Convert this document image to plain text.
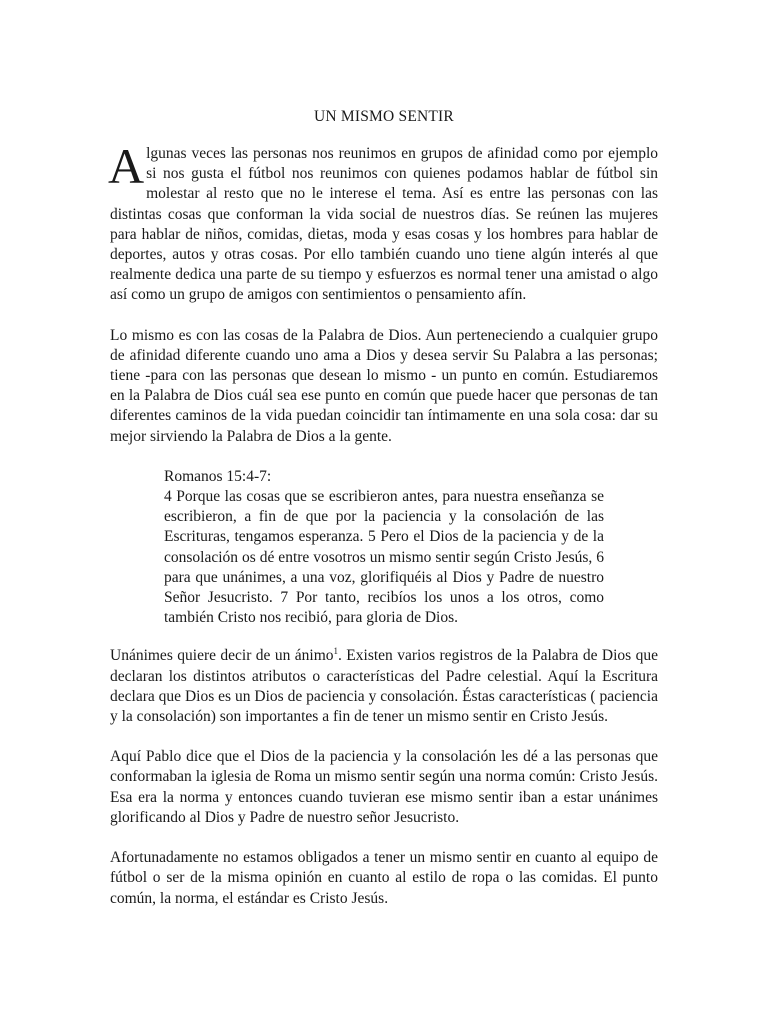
UN MISMO SENTIR

Algunas veces las personas nos reunimos en grupos de afinidad como por ejemplo si nos gusta el fútbol nos reunimos con quienes podamos hablar de fútbol sin molestar al resto que no le interese el tema. Así es entre las personas con las distintas cosas que conforman la vida social de nuestros días. Se reúnen las mujeres para hablar de niños, comidas, dietas, moda y esas cosas y los hombres para hablar de deportes, autos y otras cosas. Por ello también cuando uno tiene algún interés al que realmente dedica una parte de su tiempo y esfuerzos es normal tener una amistad o algo así como un grupo de amigos con sentimientos o pensamiento afín.

Lo mismo es con las cosas de la Palabra de Dios. Aun perteneciendo a cualquier grupo de afinidad diferente cuando uno ama a Dios y desea servir Su Palabra a las personas; tiene -para con las personas que desean lo mismo - un punto en común. Estudiaremos en la Palabra de Dios cuál sea ese punto en común que puede hacer que personas de tan diferentes caminos de la vida puedan coincidir tan íntimamente en una sola cosa: dar su mejor sirviendo la Palabra de Dios a la gente.

Romanos 15:4-7:

4 Porque las cosas que se escribieron antes, para nuestra enseñanza se escribieron, a fin de que por la paciencia y la consolación de las Escrituras, tengamos esperanza. 5 Pero el Dios de la paciencia y de la consolación os dé entre vosotros un mismo sentir según Cristo Jesús, 6 para que unánimes, a una voz, glorifiquéis al Dios y Padre de nuestro Señor Jesucristo. 7 Por tanto, recibíos los unos a los otros, como también Cristo nos recibió, para gloria de Dios.

Unánimes quiere decir de un ánimo$^1$. Existen varios registros de la Palabra de Dios que declaran los distintos atributos o características del Padre celestial. Aquí la Escritura declara que Dios es un Dios de paciencia y consolación. Éstas características ( paciencia y la consolación) son importantes a fin de tener un mismo sentir en Cristo Jesús.

Aquí Pablo dice que el Dios de la paciencia y la consolación les dé a las personas que conformaban la iglesia de Roma un mismo sentir según una norma común: Cristo Jesús. Esa era la norma y entonces cuando tuvieran ese mismo sentir iban a estar unánimes glorificando al Dios y Padre de nuestro señor Jesucristo.

Afortunadamente no estamos obligados a tener un mismo sentir en cuanto al equipo de fútbol o ser de la misma opinión en cuanto al estilo de ropa o las comidas. El punto común, la norma, el estándar es Cristo Jesús.
